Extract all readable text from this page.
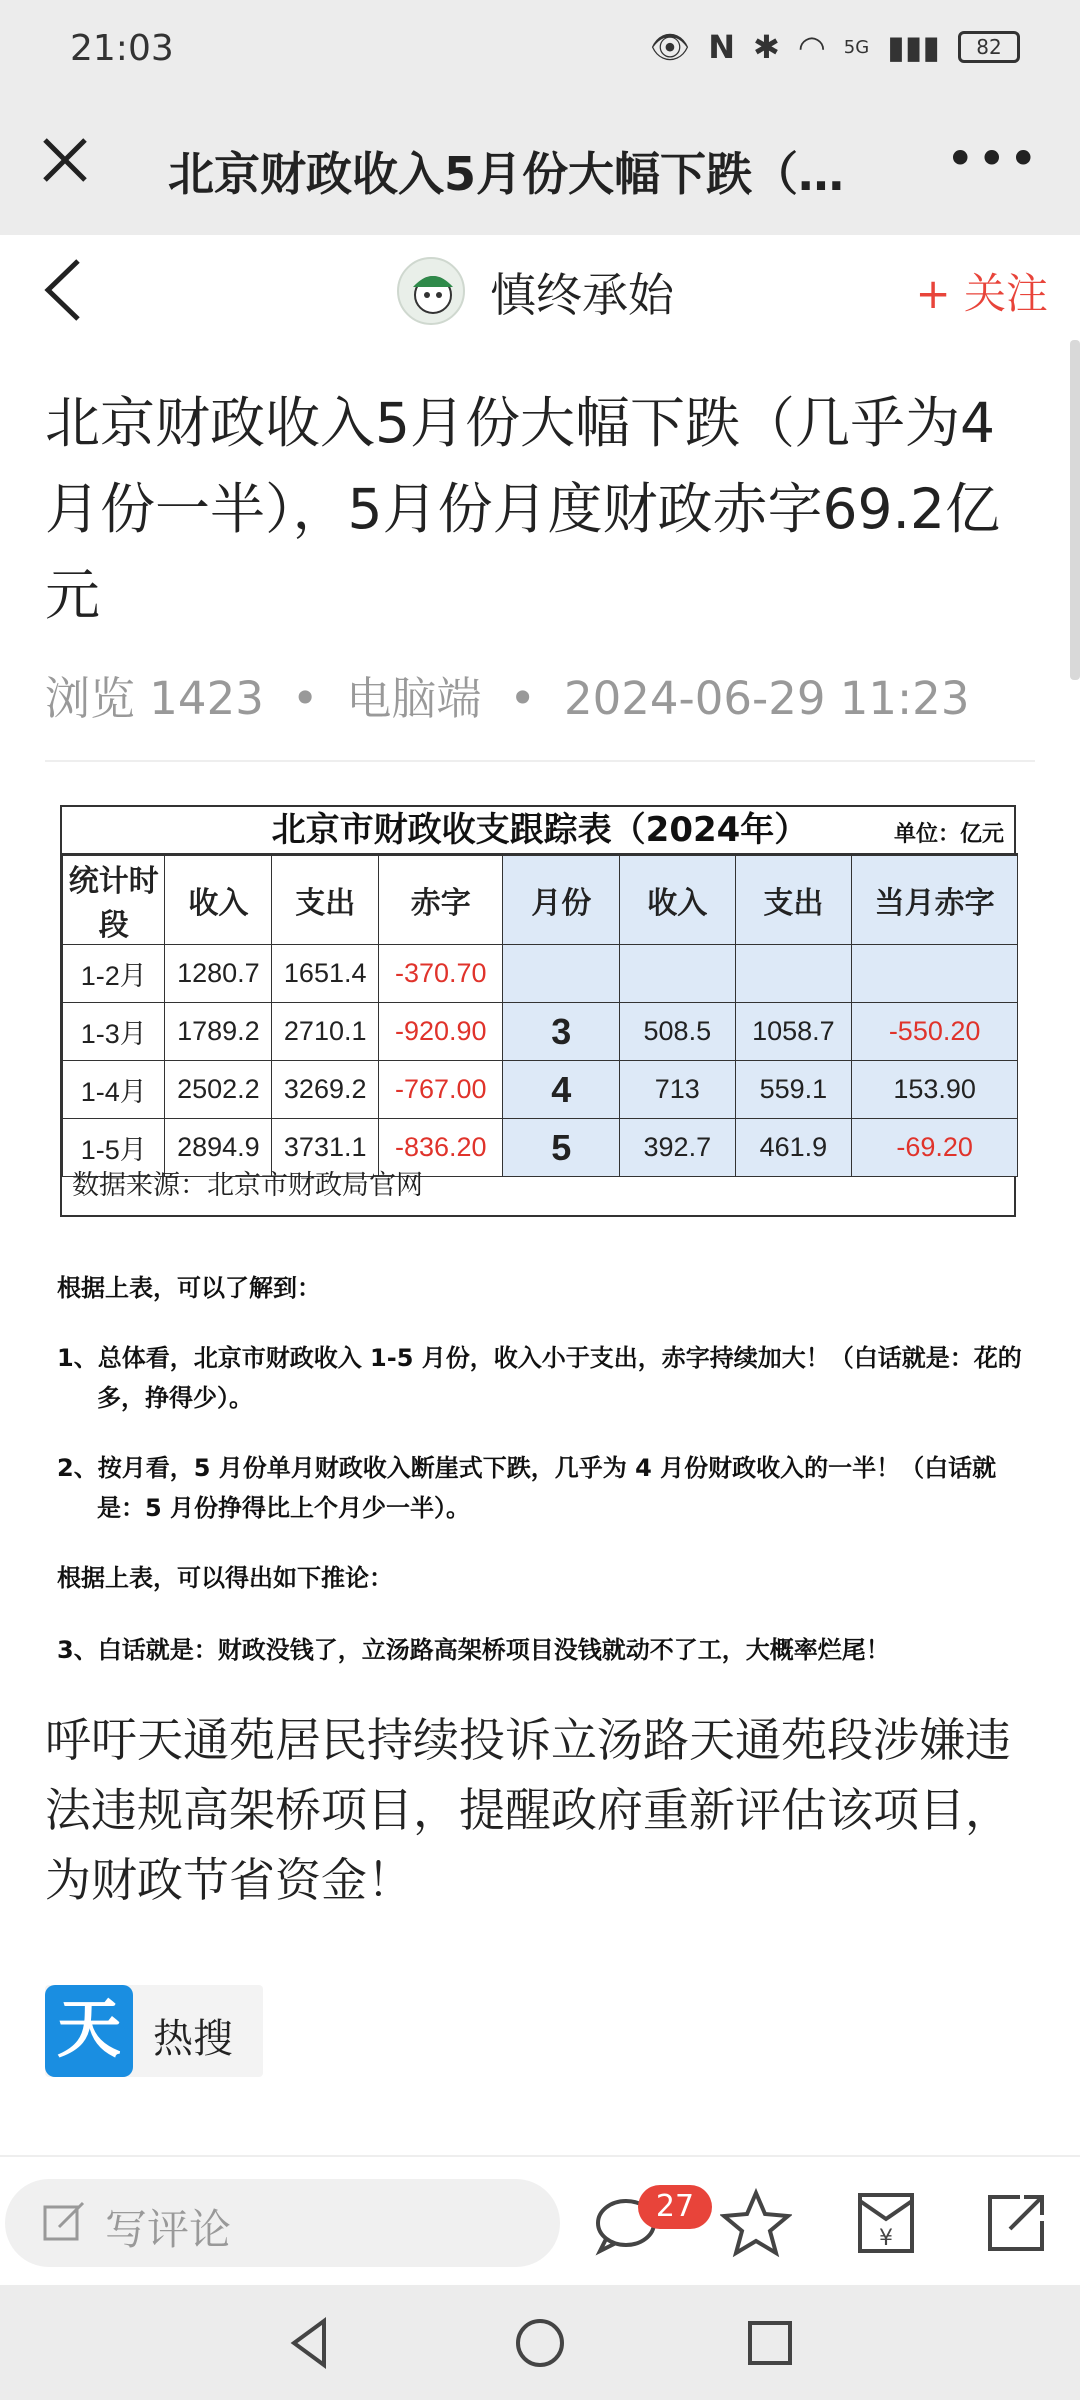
21:03	👁 N ✱ ◠ 5G ▮▮▮	82
北京财政收入5月份大幅下跌（…	•••
慎终承始	+ 关注
北京财政收入5月份大幅下跌（几乎为4月份一半），5月份月度财政赤字69.2亿元
浏览 1423 • 电脑端 • 2024-06-29 11:23
北京市财政收支跟踪表（2024年）	单位：亿元
统计时段	收入	支出	赤字	月份	收入	支出	当月赤字
1-2月	1280.7	1651.4	-370.70				
1-3月	1789.2	2710.1	-920.90	3	508.5	1058.7	-550.20
1-4月	2502.2	3269.2	-767.00	4	713	559.1	153.90
1-5月	2894.9	3731.1	-836.20	5	392.7	461.9	-69.20
数据来源：北京市财政局官网
根据上表，可以了解到：
1、总体看，北京市财政收入 1-5 月份，收入小于支出，赤字持续加大！（白话就是：花的多，挣得少）。
2、按月看，5 月份单月财政收入断崖式下跌，几乎为 4 月份财政收入的一半！（白话就是：5 月份挣得比上个月少一半）。
根据上表，可以得出如下推论：
3、白话就是：财政没钱了，立汤路高架桥项目没钱就动不了工，大概率烂尾！
呼吁天通苑居民持续投诉立汤路天通苑段涉嫌违法违规高架桥项目，提醒政府重新评估该项目，为财政节省资金！
天 热搜
写评论	¥
27
